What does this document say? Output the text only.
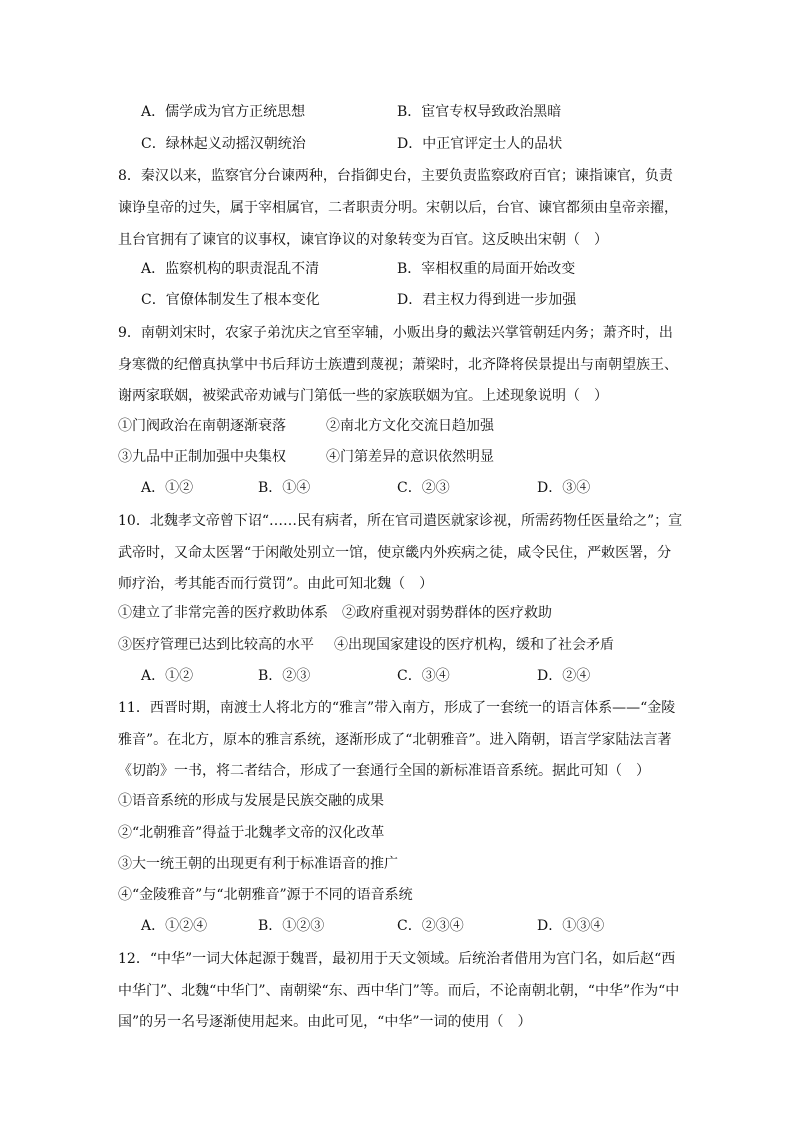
A．儒学成为官方正统思想	B．宦官专权导致政治黑暗
C．绿林起义动摇汉朝统治	D．中正官评定士人的品状
8．秦汉以来，监察官分台谏两种，台指御史台，主要负责监察政府百官；谏指谏官，负责
谏诤皇帝的过失，属于宰相属官，二者职责分明。宋朝以后，台官、谏官都须由皇帝亲擢，
且台官拥有了谏官的议事权，谏官诤议的对象转变为百官。这反映出宋朝（　）
A．监察机构的职责混乱不清	B．宰相权重的局面开始改变
C．官僚体制发生了根本变化	D．君主权力得到进一步加强
9．南朝刘宋时，农家子弟沈庆之官至宰辅，小贩出身的戴法兴掌管朝廷内务；萧齐时，出
身寒微的纪僧真执掌中书后拜访士族遭到蔑视；萧梁时，北齐降将侯景提出与南朝望族王、
谢两家联姻，被梁武帝劝诫与门第低一些的家族联姻为宜。上述现象说明（　）
①门阀政治在南朝逐渐衰落	②南北方文化交流日趋加强
③九品中正制加强中央集权	④门第差异的意识依然明显
A．①②	B．①④	C．②③	D．③④
10．北魏孝文帝曾下诏“……民有病者，所在官司遣医就家诊视，所需药物任医量给之”；宣
武帝时，又命太医署“于闲敞处别立一馆，使京畿内外疾病之徒，咸令民住，严敕医署，分
师疗治，考其能否而行赏罚”。由此可知北魏（　）
①建立了非常完善的医疗救助体系 ②政府重视对弱势群体的医疗救助
③医疗管理已达到比较高的水平 ④出现国家建设的医疗机构，缓和了社会矛盾
A．①②	B．②③	C．③④	D．②④
11．西晋时期，南渡士人将北方的“雅言”带入南方，形成了一套统一的语言体系——“金陵
雅音”。在北方，原本的雅言系统，逐渐形成了“北朝雅音”。进入隋朝，语言学家陆法言著
《切韵》一书，将二者结合，形成了一套通行全国的新标准语音系统。据此可知（　）
①语音系统的形成与发展是民族交融的成果
②“北朝雅音”得益于北魏孝文帝的汉化改革
③大一统王朝的出现更有利于标准语音的推广
④“金陵雅音”与“北朝雅音”源于不同的语音系统
A．①②④	B．①②③	C．②③④	D．①③④
12．“中华”一词大体起源于魏晋，最初用于天文领域。后统治者借用为宫门名，如后赵“西
中华门”、北魏“中华门”、南朝梁“东、西中华门”等。而后，不论南朝北朝，“中华”作为“中
国”的另一名号逐渐使用起来。由此可见，“中华”一词的使用（　）
